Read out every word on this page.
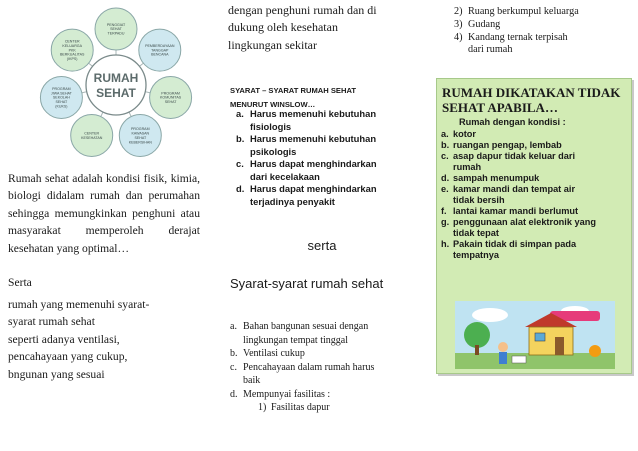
PENGGIAT SEHAT TERPADU
PEMBERDAYAAN TANGGAP BENCANA
PROGRAM KOMUNITAS SEHAT
PROGRAM KAWASAN SEHAT KEBERSIHAN
CENTER KESEHATAN
PROGRAM JIWA SEHAT SEKOLAH SEHAT (KUKS)
CENTER KELUARGA PKK BERKUALITAS (IKPS)
RUMAH
SEHAT

Rumah sehat adalah kondisi fisik, kimia, biologi didalam rumah dan perumahan sehingga memungkinkan penghuni atau masyarakat memperoleh derajat kesehatan yang optimal…

Serta

rumah yang memenuhi syarat-
syarat rumah sehat
seperti adanya ventilasi,
pencahayaan yang cukup,
bngunan yang sesuai
dengan penghuni rumah dan di
dukung oleh kesehatan
lingkungan sekitar
SYARAT – SYARAT RUMAH SEHAT
MENURUT WINSLOW…
a. Harus memenuhi kebutuhan
fisiologis
b. Harus memenuhi kebutuhan
psikologis
c. Harus dapat menghindarkan
dari kecelakaan
d. Harus dapat menghindarkan
terjadinya penyakit
serta
Syarat-syarat rumah sehat
a. Bahan bangunan sesuai dengan
lingkungan tempat tinggal
b. Ventilasi cukup
c. Pencahayaan dalam rumah harus
baik
d. Mempunyai fasilitas :
1) Fasilitas dapur
2) Ruang berkumpul keluarga
3) Gudang
4) Kandang ternak terpisah
dari rumah
RUMAH DIKATAKAN TIDAK
SEHAT APABILA…
Rumah dengan kondisi :
a. kotor
b. ruangan pengap, lembab
c. asap dapur tidak keluar dari
rumah
d. sampah menumpuk
e. kamar mandi dan tempat air
tidak bersih
f. lantai kamar mandi berlumut
g. penggunaan alat elektronik yang
tidak tepat
h. Pakain tidak di simpan pada
tempatnya
